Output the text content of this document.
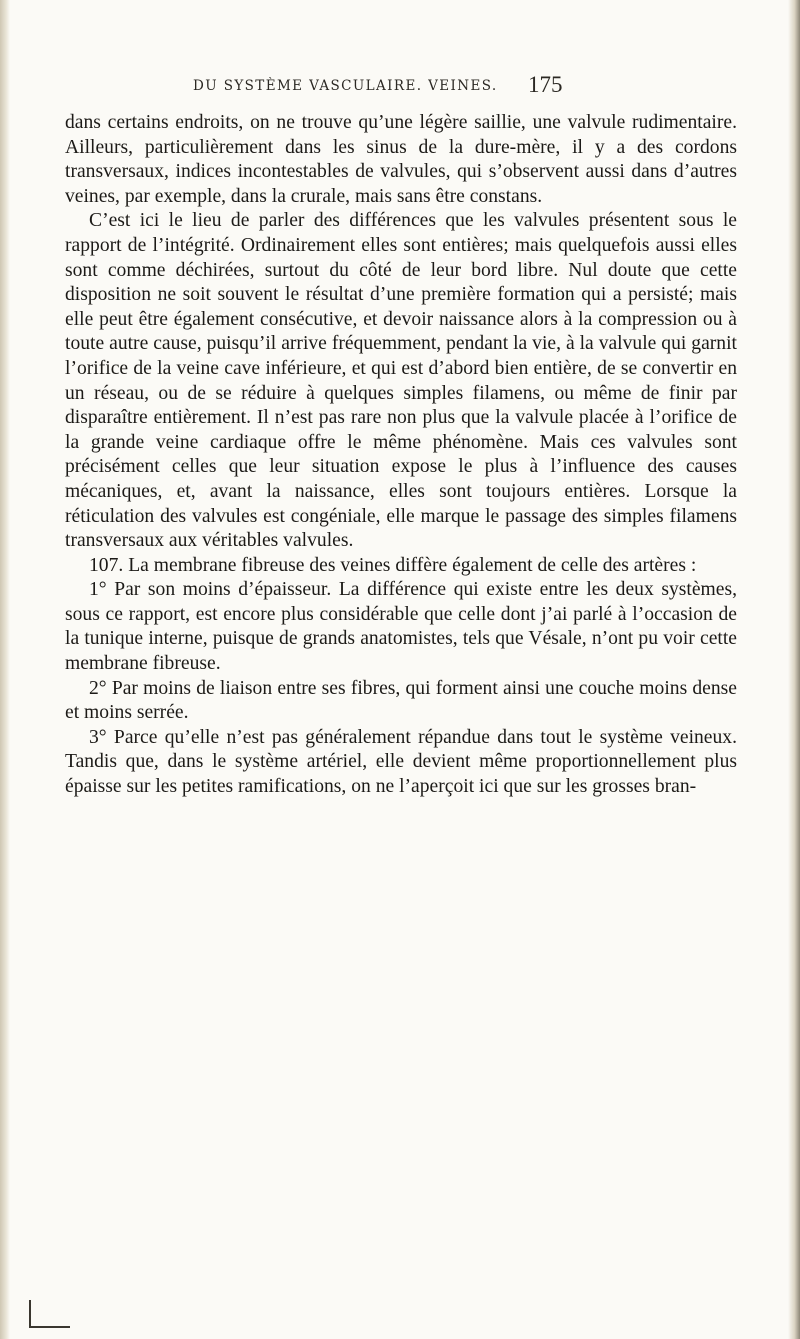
DU SYSTÈME VASCULAIRE. VEINES. 175

dans certains endroits, on ne trouve qu’une légère saillie, une valvule rudimentaire. Ailleurs, particulièrement dans les sinus de la dure-mère, il y a des cordons transversaux, indices incontestables de valvules, qui s’observent aussi dans d’autres veines, par exemple, dans la crurale, mais sans être constans.

C’est ici le lieu de parler des différences que les valvules présentent sous le rapport de l’intégrité. Ordinairement elles sont entières; mais quelquefois aussi elles sont comme déchirées, surtout du côté de leur bord libre. Nul doute que cette disposition ne soit souvent le résultat d’une première formation qui a persisté; mais elle peut être également consécutive, et devoir naissance alors à la compression ou à toute autre cause, puisqu’il arrive fréquemment, pendant la vie, à la valvule qui garnit l’orifice de la veine cave inférieure, et qui est d’abord bien entière, de se convertir en un réseau, ou de se réduire à quelques simples filamens, ou même de finir par disparaître entièrement. Il n’est pas rare non plus que la valvule placée à l’orifice de la grande veine cardiaque offre le même phénomène. Mais ces valvules sont précisément celles que leur situation expose le plus à l’influence des causes mécaniques, et, avant la naissance, elles sont toujours entières. Lorsque la réticulation des valvules est congéniale, elle marque le passage des simples filamens transversaux aux véritables valvules.

107. La membrane fibreuse des veines diffère également de celle des artères :

1° Par son moins d’épaisseur. La différence qui existe entre les deux systèmes, sous ce rapport, est encore plus considérable que celle dont j’ai parlé à l’occasion de la tunique interne, puisque de grands anatomistes, tels que Vésale, n’ont pu voir cette membrane fibreuse.

2° Par moins de liaison entre ses fibres, qui forment ainsi une couche moins dense et moins serrée.

3° Parce qu’elle n’est pas généralement répandue dans tout le système veineux. Tandis que, dans le système artériel, elle devient même proportionnellement plus épaisse sur les petites ramifications, on ne l’aperçoit ici que sur les grosses bran-
